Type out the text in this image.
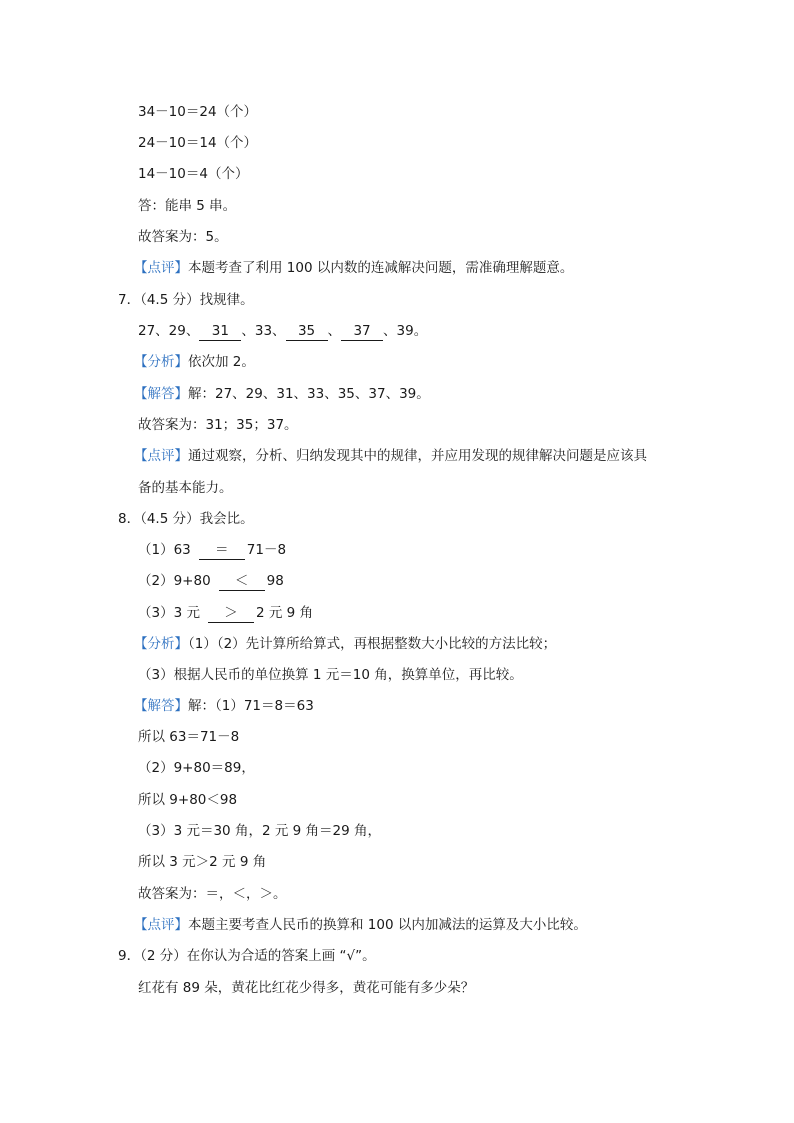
34－10＝24（个）
24－10＝14（个）
14－10＝4（个）
答：能串 5 串。
故答案为：5。
【点评】本题考查了利用 100 以内数的连减解决问题，需准确理解题意。
7．（4.5 分）找规律。
27、29、 31 、33、 35 、 37 、39。
【分析】依次加 2。
【解答】解：27、29、31、33、35、37、39。
故答案为：31；35；37。
【点评】通过观察，分析、归纳发现其中的规律，并应用发现的规律解决问题是应该具
备的基本能力。
8．（4.5 分）我会比。
（1）63 ＝ 71－8
（2）9+80 ＜ 98
（3）3 元 ＞ 2 元 9 角
【分析】（1）（2）先计算所给算式，再根据整数大小比较的方法比较；
（3）根据人民币的单位换算 1 元＝10 角，换算单位，再比较。
【解答】解：（1）71＝8＝63
所以 63＝71－8
（2）9+80＝89，
所以 9+80＜98
（3）3 元＝30 角，2 元 9 角＝29 角，
所以 3 元＞2 元 9 角
故答案为：＝，＜，＞。
【点评】本题主要考查人民币的换算和 100 以内加减法的运算及大小比较。
9．（2 分）在你认为合适的答案上画 “√”。
红花有 89 朵，黄花比红花少得多，黄花可能有多少朵？
